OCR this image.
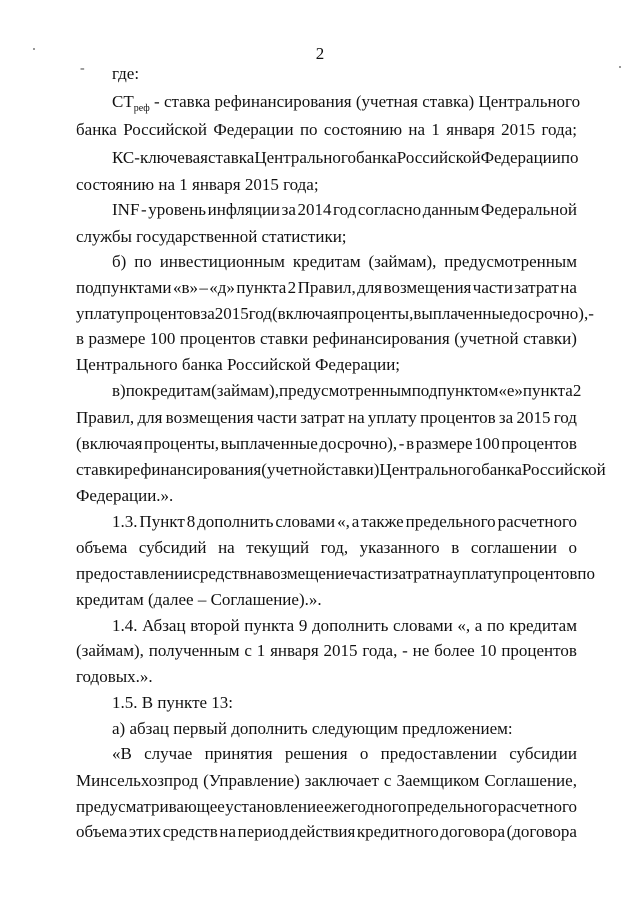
2
- где:
$СТ_{реф}$ - ставка рефинансирования (учетная ставка) Центрального
банка Российской Федерации по состоянию на 1 января 2015 года;
КС - ключевая ставка Центрального банка Российской Федерации по
состоянию на 1 января 2015 года;
INF - уровень инфляции за 2014 год согласно данным Федеральной
службы государственной статистики;
б) по инвестиционным кредитам (займам), предусмотренным
подпунктами «в» – «д» пункта 2 Правил, для возмещения части затрат на
уплату процентов за 2015 год (включая проценты, выплаченные досрочно), -
в размере 100 процентов ставки рефинансирования (учетной ставки)
Центрального банка Российской Федерации;
в) по кредитам (займам), предусмотренным подпунктом «е» пункта 2
Правил, для возмещения части затрат на уплату процентов за 2015 год
(включая проценты, выплаченные досрочно), - в размере 100 процентов
ставки рефинансирования (учетной ставки) Центрального банка Российской
Федерации.».
1.3. Пункт 8 дополнить словами «, а также предельного расчетного
объема субсидий на текущий год, указанного в соглашении о
предоставлении средств на возмещение части затрат на уплату процентов по
кредитам (далее – Соглашение).».
1.4. Абзац второй пункта 9 дополнить словами «, а по кредитам
(займам), полученным с 1 января 2015 года, - не более 10 процентов
годовых.».
1.5. В пункте 13:
а) абзац первый дополнить следующим предложением:
«В случае принятия решения о предоставлении субсидии
Минсельхозпрод (Управление) заключает с Заемщиком Соглашение,
предусматривающее установление ежегодного предельного расчетного
объема этих средств на период действия кредитного договора (договора
